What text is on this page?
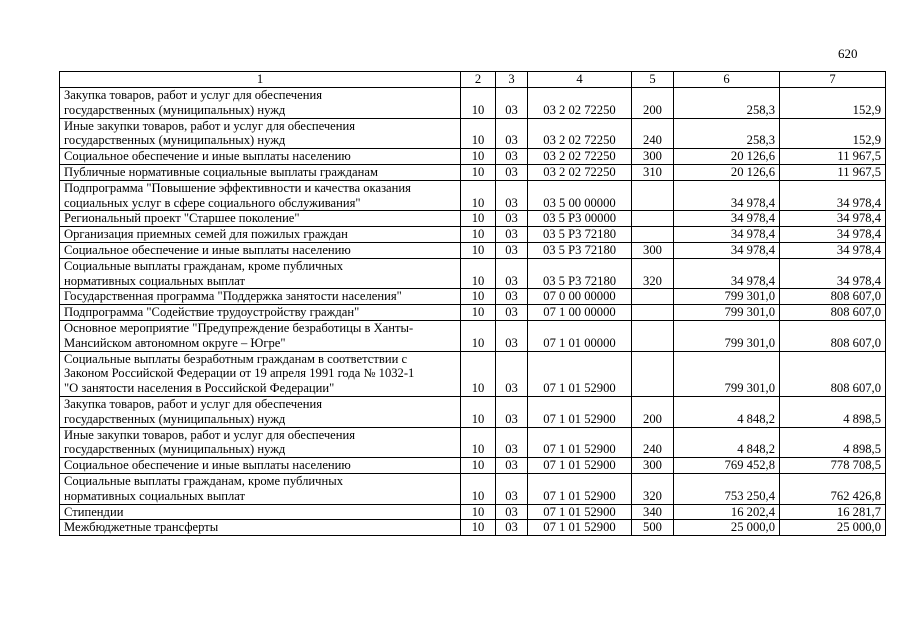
620
1	2	3	4	5	6	7
Закупка товаров, работ и услуг для обеспечения
государственных (муниципальных) нужд	10	03	03 2 02 72250	200	258,3	152,9
Иные закупки товаров, работ и услуг для обеспечения
государственных (муниципальных) нужд	10	03	03 2 02 72250	240	258,3	152,9
Социальное обеспечение и иные выплаты населению	10	03	03 2 02 72250	300	20 126,6	11 967,5
Публичные нормативные социальные выплаты гражданам	10	03	03 2 02 72250	310	20 126,6	11 967,5
Подпрограмма "Повышение эффективности и качества оказания
социальных услуг в сфере социального обслуживания"	10	03	03 5 00 00000		34 978,4	34 978,4
Региональный проект "Старшее поколение"	10	03	03 5 P3 00000		34 978,4	34 978,4
Организация приемных семей для пожилых граждан	10	03	03 5 P3 72180		34 978,4	34 978,4
Социальное обеспечение и иные выплаты населению	10	03	03 5 P3 72180	300	34 978,4	34 978,4
Социальные выплаты гражданам, кроме публичных
нормативных социальных выплат	10	03	03 5 P3 72180	320	34 978,4	34 978,4
Государственная программа "Поддержка занятости населения"	10	03	07 0 00 00000		799 301,0	808 607,0
Подпрограмма "Содействие трудоустройству граждан"	10	03	07 1 00 00000		799 301,0	808 607,0
Основное мероприятие "Предупреждение безработицы в Ханты-
Мансийском автономном округе – Югре"	10	03	07 1 01 00000		799 301,0	808 607,0
Социальные выплаты безработным гражданам в соответствии с
Законом Российской Федерации от 19 апреля 1991 года № 1032-1
"О занятости населения в Российской Федерации"	10	03	07 1 01 52900		799 301,0	808 607,0
Закупка товаров, работ и услуг для обеспечения
государственных (муниципальных) нужд	10	03	07 1 01 52900	200	4 848,2	4 898,5
Иные закупки товаров, работ и услуг для обеспечения
государственных (муниципальных) нужд	10	03	07 1 01 52900	240	4 848,2	4 898,5
Социальное обеспечение и иные выплаты населению	10	03	07 1 01 52900	300	769 452,8	778 708,5
Социальные выплаты гражданам, кроме публичных
нормативных социальных выплат	10	03	07 1 01 52900	320	753 250,4	762 426,8
Стипендии	10	03	07 1 01 52900	340	16 202,4	16 281,7
Межбюджетные трансферты	10	03	07 1 01 52900	500	25 000,0	25 000,0
